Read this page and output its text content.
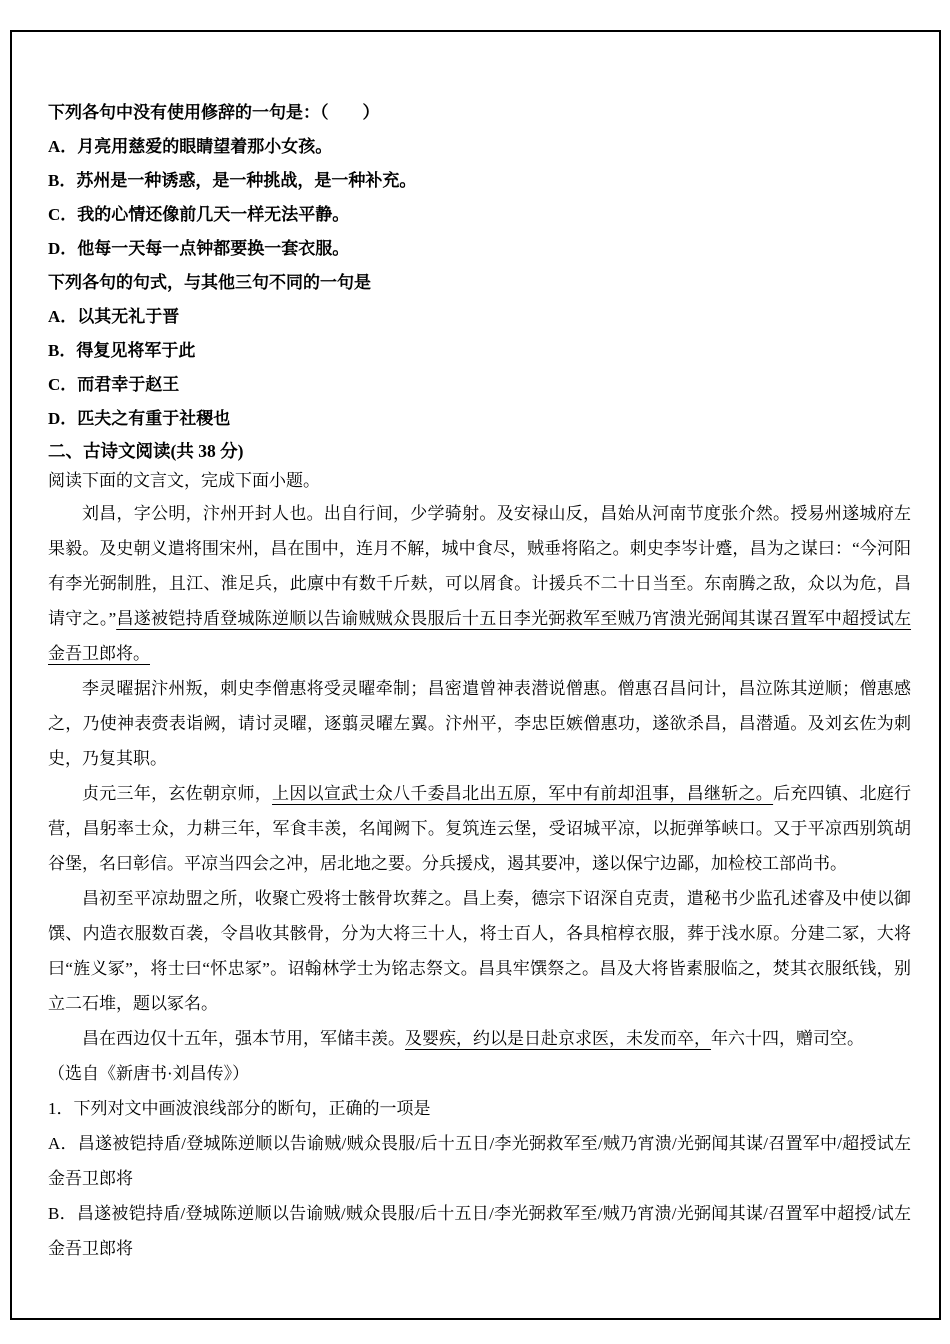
下列各句中没有使用修辞的一句是：（　　）

A．月亮用慈爱的眼睛望着那小女孩。

B．苏州是一种诱惑，是一种挑战，是一种补充。

C．我的心情还像前几天一样无法平静。

D．他每一天每一点钟都要换一套衣服。

下列各句的句式，与其他三句不同的一句是

A．以其无礼于晋

B．得复见将军于此

C．而君幸于赵王

D．匹夫之有重于社稷也

二、古诗文阅读(共 38 分)

阅读下面的文言文，完成下面小题。

刘昌，字公明，汴州开封人也。出自行间，少学骑射。及安禄山反，昌始从河南节度张介然。授易州遂城府左果毅。及史朝义遣将围宋州，昌在围中，连月不解，城中食尽，贼垂将陷之。刺史李岑计蹙，昌为之谋曰：“今河阳有李光弼制胜，且江、淮足兵，此廪中有数千斤麸，可以屑食。计援兵不二十日当至。东南腾之敌，众以为危，昌请守之。”昌遂被铠持盾登城陈逆顺以告谕贼贼众畏服后十五日李光弼救军至贼乃宵溃光弼闻其谋召置军中超授试左金吾卫郎将。

李灵曜据汴州叛，刺史李僧惠将受灵曜牵制；昌密遣曾神表潜说僧惠。僧惠召昌问计，昌泣陈其逆顺；僧惠感之，乃使神表赍表诣阙，请讨灵曜，逐翦灵曜左翼。汴州平，李忠臣嫉僧惠功，遂欲杀昌，昌潜遁。及刘玄佐为刺史，乃复其职。

贞元三年，玄佐朝京师，上因以宣武士众八千委昌北出五原，军中有前却沮事，昌继斩之。后充四镇、北庭行营，昌躬率士众，力耕三年，军食丰羡，名闻阙下。复筑连云堡，受诏城平凉，以扼弹筝峡口。又于平凉西别筑胡谷堡，名曰彰信。平凉当四会之冲，居北地之要。分兵援戍，遏其要冲，遂以保宁边鄙，加检校工部尚书。

昌初至平凉劫盟之所，收聚亡殁将士骸骨坎葬之。昌上奏，德宗下诏深自克责，遣秘书少监孔述睿及中使以御馔、内造衣服数百袭，令昌收其骸骨，分为大将三十人，将士百人，各具棺椁衣服，葬于浅水原。分建二冢，大将曰“旌义冢”，将士曰“怀忠冢”。诏翰林学士为铭志祭文。昌具牢馔祭之。昌及大将皆素服临之，焚其衣服纸钱，别立二石堆，题以冢名。

昌在西边仅十五年，强本节用，军储丰羡。及婴疾，约以是日赴京求医，未发而卒，年六十四，赠司空。

（选自《新唐书·刘昌传》）

1．下列对文中画波浪线部分的断句，正确的一项是

A．昌遂被铠持盾/登城陈逆顺以告谕贼/贼众畏服/后十五日/李光弼救军至/贼乃宵溃/光弼闻其谋/召置军中/超授试左金吾卫郎将

B．昌遂被铠持盾/登城陈逆顺以告谕贼/贼众畏服/后十五日/李光弼救军至/贼乃宵溃/光弼闻其谋/召置军中超授/试左金吾卫郎将
